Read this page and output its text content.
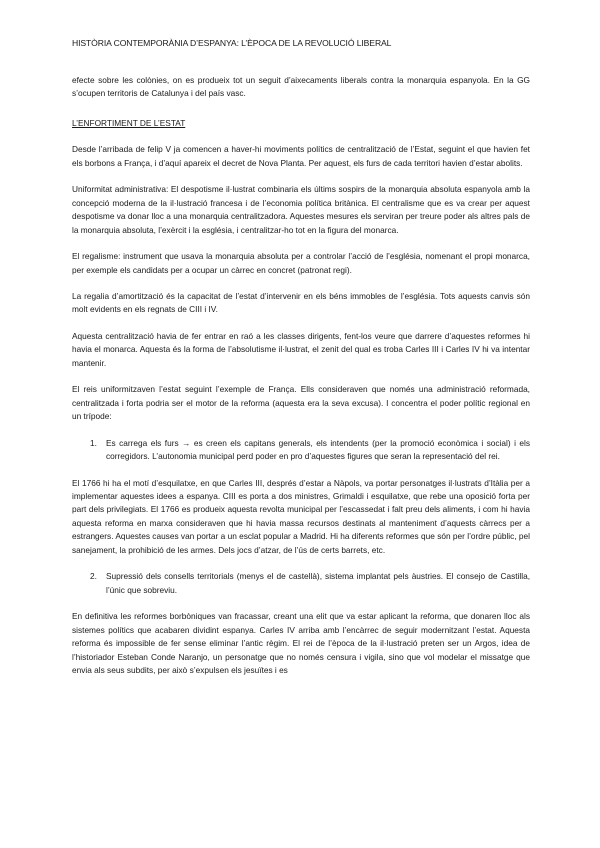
HISTÒRIA CONTEMPORÀNIA D’ESPANYA: L’ÈPOCA DE LA REVOLUCIÓ LIBERAL

efecte sobre les colònies, on es produeix tot un seguit d’aixecaments liberals contra la monarquia espanyola. En la GG s’ocupen territoris de Catalunya i del país vasc.

L’ENFORTIMENT DE L’ESTAT

Desde l’arribada de felip V ja comencen a haver-hi moviments polítics de centralització de l’Estat, seguint el que havien fet els borbons a França, i d’aquí apareix el decret de Nova Planta. Per aquest, els furs de cada territori havien d’estar abolits.

Uniformitat administrativa: El despotisme il·lustrat combinaria els últims sospirs de la monarquia absoluta espanyola amb la concepció moderna de la il·lustració francesa i de l’economia política britànica. El centralisme que es va crear per aquest despotisme va donar lloc a una monarquia centralitzadora. Aquestes mesures els serviran per treure poder als altres pals de la monarquia absoluta, l’exèrcit i la església, i centralitzar-ho tot en la figura del monarca.

El regalisme: instrument que usava la monarquia absoluta per a controlar l’acció de l’església, nomenant el propi monarca, per exemple els candidats per a ocupar un càrrec en concret (patronat regi).

La regalia d’amortització és la capacitat de l’estat d’intervenir en els béns immobles de l’església. Tots aquests canvis són molt evidents en els regnats de CIII i IV.

Aquesta centralització havia de fer entrar en raó a les classes dirigents, fent-los veure que darrere d’aquestes reformes hi havia el monarca. Aquesta és la forma de l’absolutisme il·lustrat, el zenit del qual es troba Carles III i Carles IV hi va intentar mantenir.

El reis uniformitzaven l’estat seguint l’exemple de França. Ells consideraven que només una administració reformada, centralitzada i forta podria ser el motor de la reforma (aquesta era la seva excusa). I concentra el poder polític regional en un trípode:

1. Es carrega els furs → es creen els capitans generals, els intendents (per la promoció econòmica i social) i els corregidors. L’autonomia municipal perd poder en pro d’aquestes figures que seran la representació del rei.

El 1766 hi ha el motí d’esquilatxe, en que Carles III, després d’estar a Nàpols, va portar personatges il·lustrats d’Itàlia per a implementar aquestes idees a espanya. CIII es porta a dos ministres, Grimaldi i esquilatxe, que rebe una oposició forta per part dels privilegiats. El 1766 es produeix aquesta revolta municipal per l’escassedat i falt preu dels aliments, i com hi havia aquesta reforma en marxa consideraven que hi havia massa recursos destinats al manteniment d’aquests càrrecs per a estrangers. Aquestes causes van portar a un esclat popular a Madrid. Hi ha diferents reformes que són per l’ordre públic, pel sanejament, la prohibició de les armes. Dels jocs d’atzar, de l’ús de certs barrets, etc.

2. Supressió dels consells territorials (menys el de castellà), sistema implantat pels àustries. El consejo de Castilla, l’únic que sobreviu.

En definitiva les reformes borbòniques van fracassar, creant una elit que va estar aplicant la reforma, que donaren lloc als sistemes polítics que acabaren dividint espanya. Carles IV arriba amb l’encàrrec de seguir modernitzant l’estat. Aquesta reforma és impossible de fer sense eliminar l’antic règim. El rei de l’època de la il·lustració preten ser un Argos, idea de l’historiador Esteban Conde Naranjo, un personatge que no només censura i vigila, sino que vol modelar el missatge que envia als seus subdits, per això s’expulsen els jesuïtes i es
